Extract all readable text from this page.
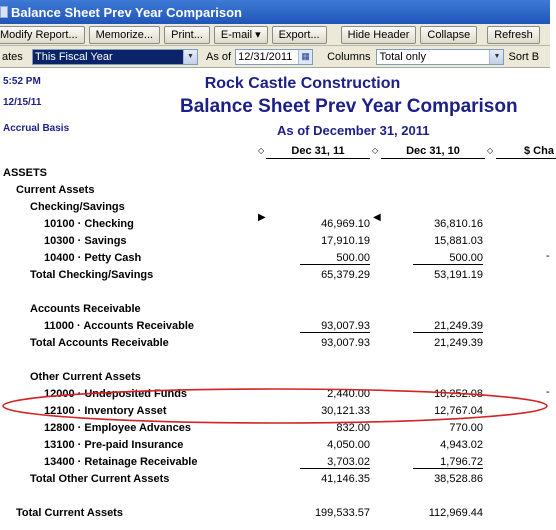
Balance Sheet Prev Year Comparison
Modify Report...	Memorize...	Print...	E-mail ▾	Export...	Hide Header	Collapse	Refresh
ates	This Fiscal Year	▼ As of 12/31/2011 ▦ Columns Total only	▼ Sort B
5:52 PM
12/15/11
Accrual Basis
Rock Castle Construction
Balance Sheet Prev Year Comparison
As of December 31, 2011
◇	Dec 31, 11	◇	Dec 31, 10	◇	$ Cha
ASSETS
Current Assets
Checking/Savings
10100 · Checking	46,969.10	36,810.16
10300 · Savings	17,910.19	15,881.03
10400 · Petty Cash	500.00	500.00
Total Checking/Savings	65,379.29	53,191.19
Accounts Receivable
11000 · Accounts Receivable	93,007.93	21,249.39
Total Accounts Receivable	93,007.93	21,249.39
Other Current Assets
12000 · Undeposited Funds	2,440.00	18,252.08
12100 · Inventory Asset	30,121.33	12,767.04
12800 · Employee Advances	832.00	770.00
13100 · Pre-paid Insurance	4,050.00	4,943.02
13400 · Retainage Receivable	3,703.02	1,796.72
Total Other Current Assets	41,146.35	38,528.86
Total Current Assets	199,533.57	112,969.44
▶	◀
-
-
